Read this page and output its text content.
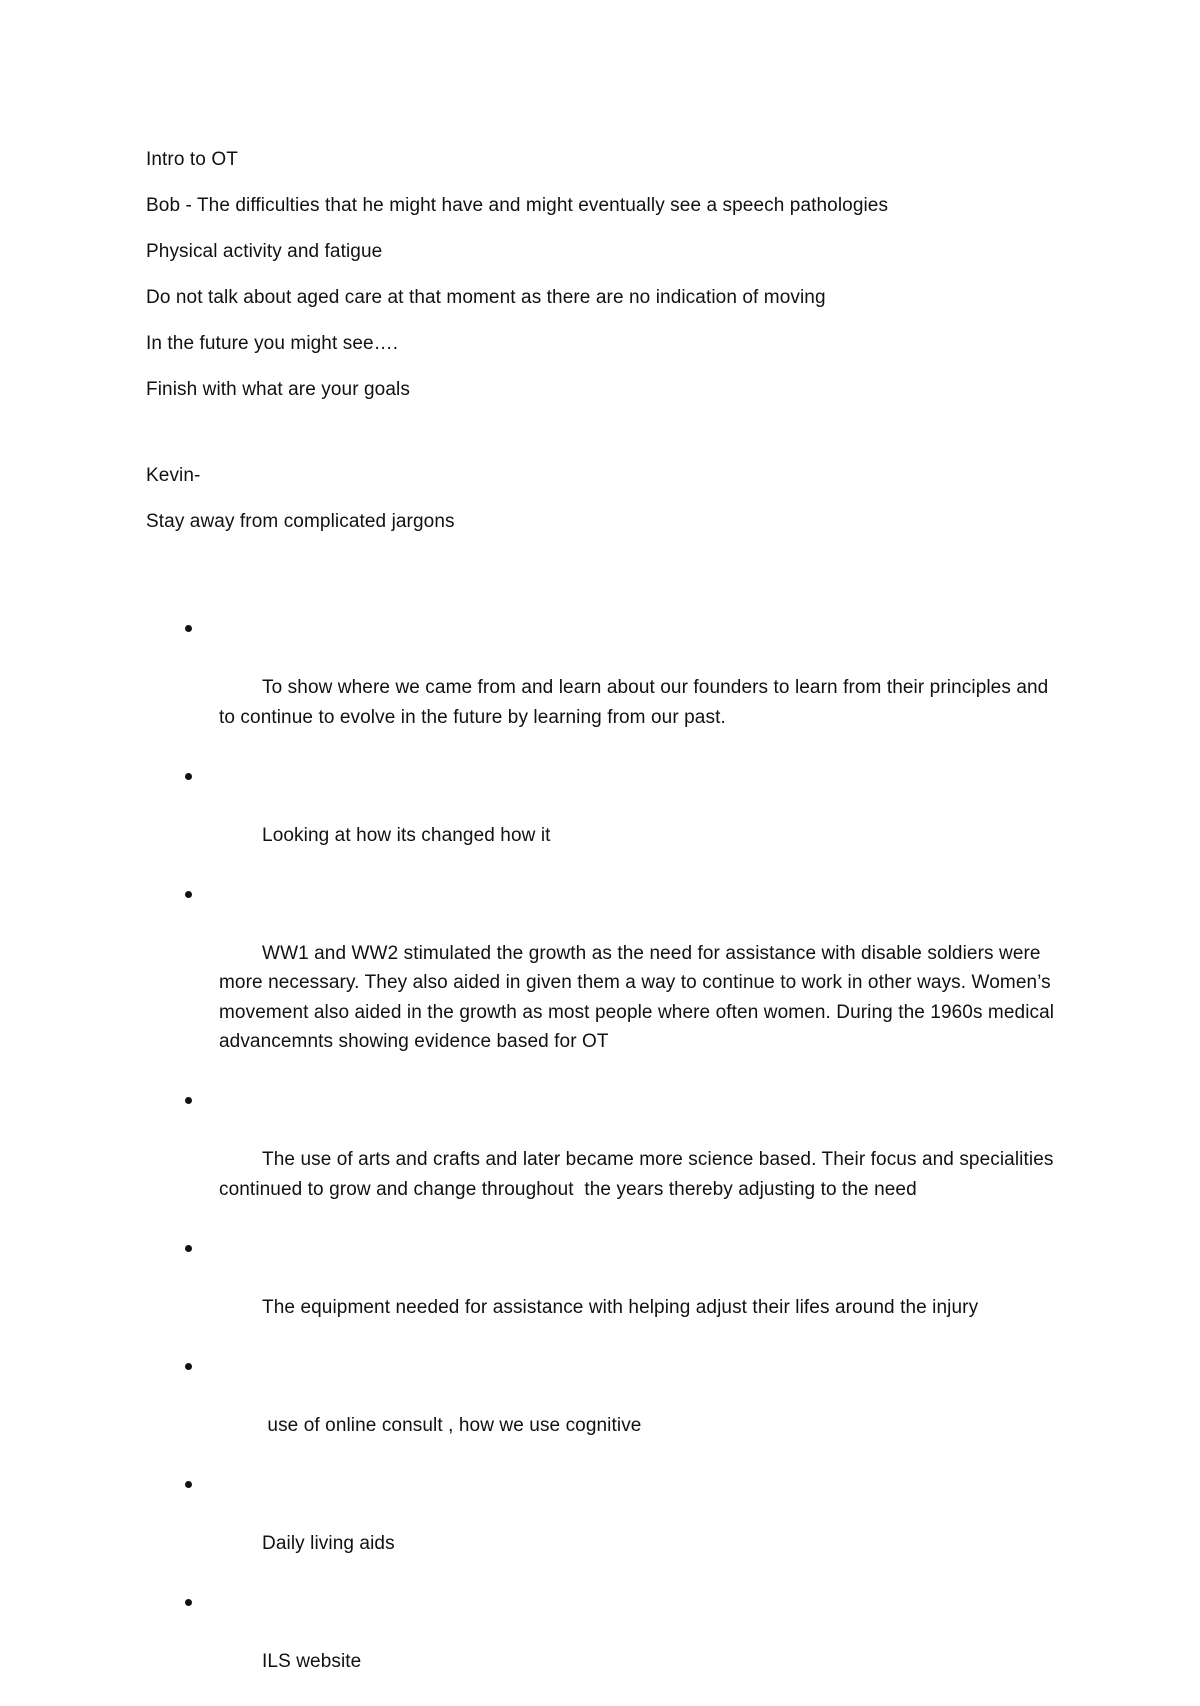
Intro to OT

Bob - The difficulties that he might have and might eventually see a speech pathologies

Physical activity and fatigue

Do not talk about aged care at that moment as there are no indication of moving

In the future you might see….

Finish with what are your goals

Kevin-

Stay away from complicated jargons

To show where we came from and learn about our founders to learn from their principles and to continue to evolve in the future by learning from our past.

Looking at how its changed how it

WW1 and WW2 stimulated the growth as the need for assistance with disable soldiers were more necessary. They also aided in given them a way to continue to work in other ways. Women’s movement also aided in the growth as most people where often women. During the 1960s medical advancemnts showing evidence based for OT

The use of arts and crafts and later became more science based. Their focus and specialities continued to grow and change throughout  the years thereby adjusting to the need

The equipment needed for assistance with helping adjust their lifes around the injury

use of online consult , how we use cognitive

Daily living aids

ILS website
